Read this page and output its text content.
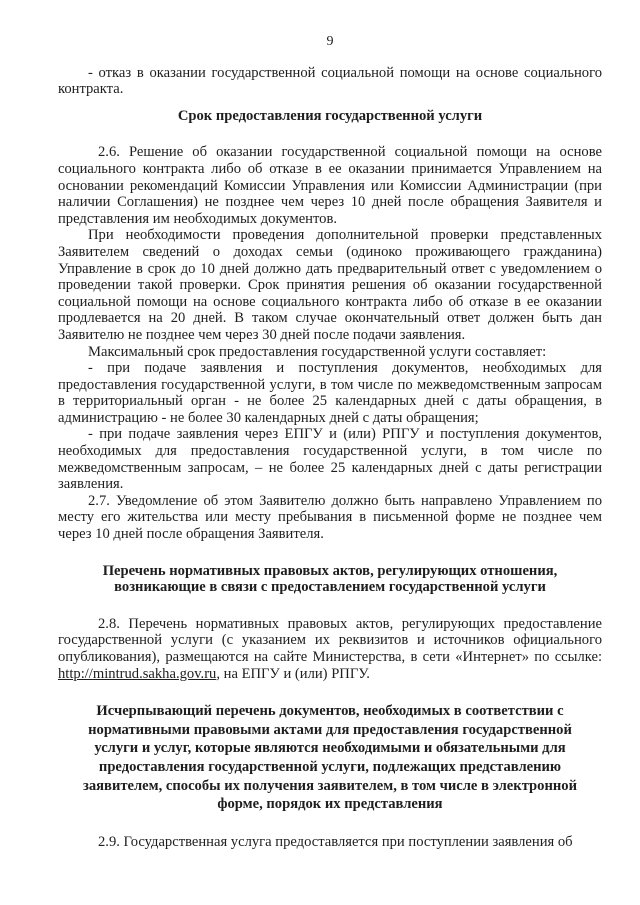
9

- отказ в оказании государственной социальной помощи на основе социального контракта.

Срок предоставления государственной услуги

2.6. Решение об оказании государственной социальной помощи на основе социального контракта либо об отказе в ее оказании принимается Управлением на основании рекомендаций Комиссии Управления или Комиссии Администрации (при наличии Соглашения) не позднее чем через 10 дней после обращения Заявителя и представления им необходимых документов.

При необходимости проведения дополнительной проверки представленных Заявителем сведений о доходах семьи (одиноко проживающего гражданина) Управление в срок до 10 дней должно дать предварительный ответ с уведомлением о проведении такой проверки. Срок принятия решения об оказании государственной социальной помощи на основе социального контракта либо об отказе в ее оказании продлевается на 20 дней. В таком случае окончательный ответ должен быть дан Заявителю не позднее чем через 30 дней после подачи заявления.

Максимальный срок предоставления государственной услуги составляет:

- при подаче заявления и поступления документов, необходимых для предоставления государственной услуги, в том числе по межведомственным запросам в территориальный орган - не более 25 календарных дней с даты обращения, в администрацию - не более 30 календарных дней с даты обращения;

- при подаче заявления через ЕПГУ и (или) РПГУ и поступления документов, необходимых для предоставления государственной услуги, в том числе по межведомственным запросам, – не более 25 календарных дней с даты регистрации заявления.

2.7. Уведомление об этом Заявителю должно быть направлено Управлением по месту его жительства или месту пребывания в письменной форме не позднее чем через 10 дней после обращения Заявителя.

Перечень нормативных правовых актов, регулирующих отношения, возникающие в связи с предоставлением государственной услуги

2.8. Перечень нормативных правовых актов, регулирующих предоставление государственной услуги (с указанием их реквизитов и источников официального опубликования), размещаются на сайте Министерства, в сети «Интернет» по ссылке: http://mintrud.sakha.gov.ru, на ЕПГУ и (или) РПГУ.

Исчерпывающий перечень документов, необходимых в соответствии с нормативными правовыми актами для предоставления государственной услуги и услуг, которые являются необходимыми и обязательными для предоставления государственной услуги, подлежащих представлению заявителем, способы их получения заявителем, в том числе в электронной форме, порядок их представления

2.9. Государственная услуга предоставляется при поступлении заявления об
